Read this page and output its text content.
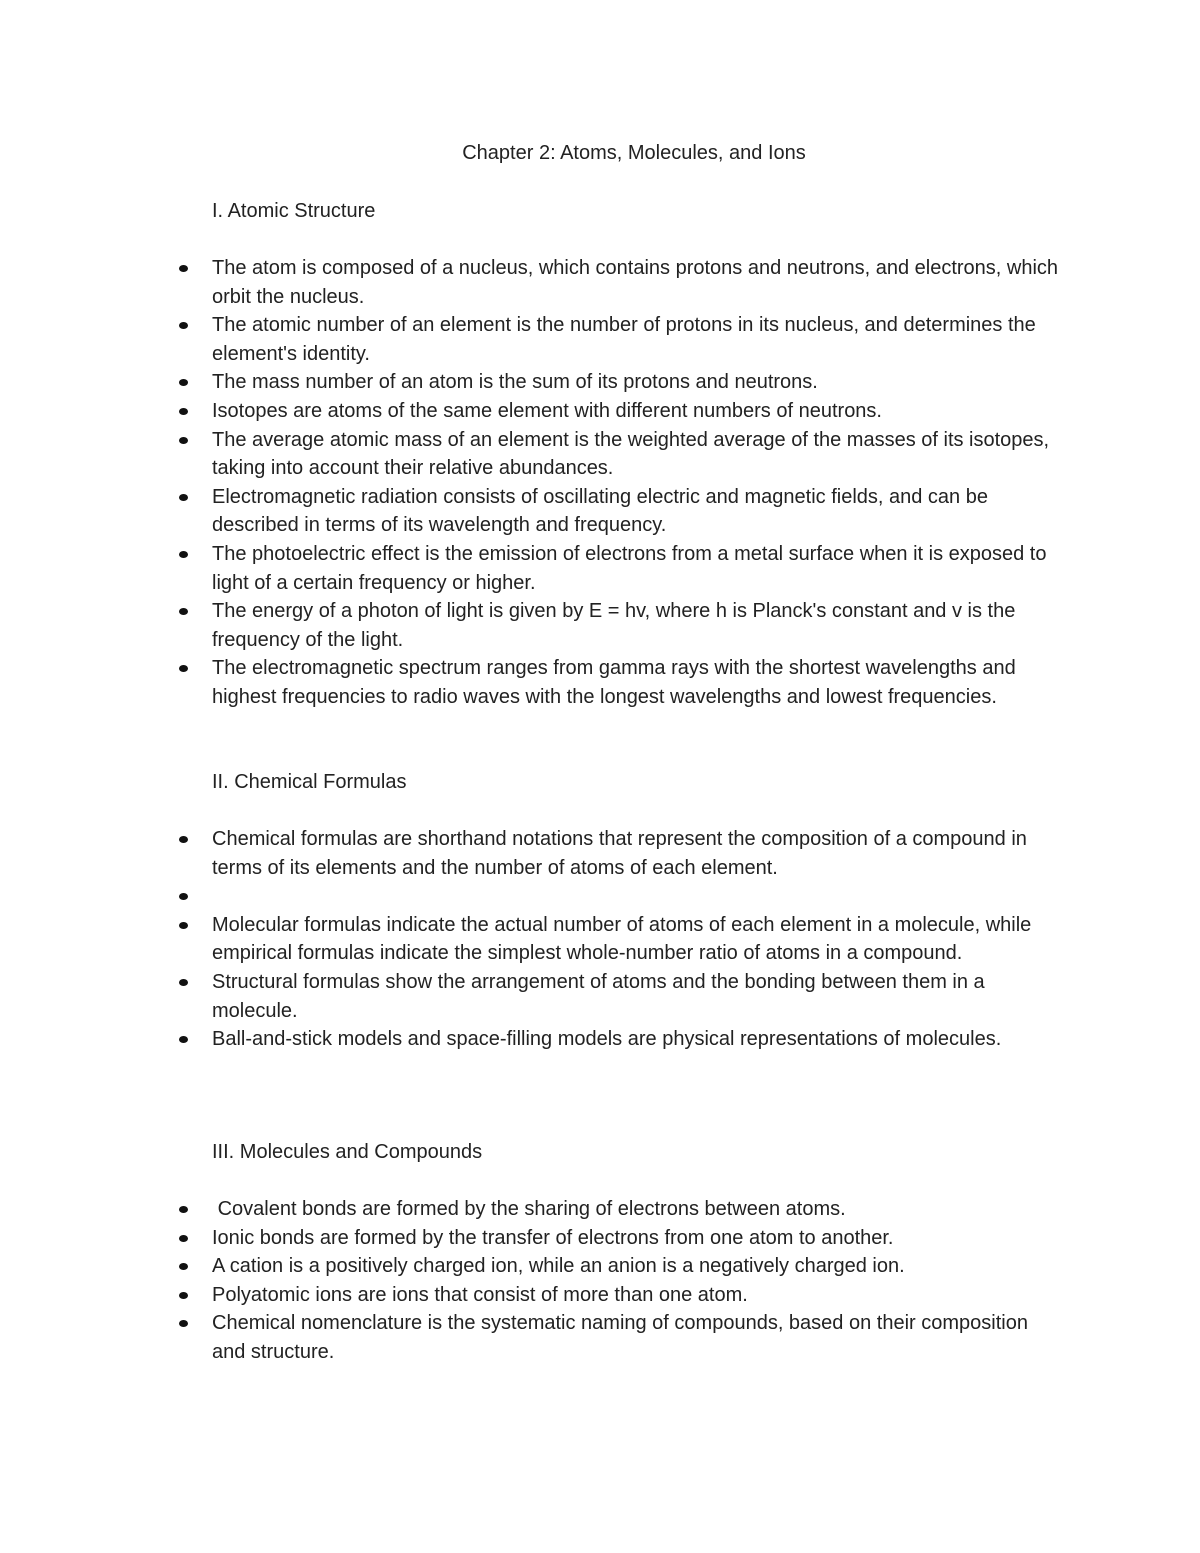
Chapter 2: Atoms, Molecules, and Ions

I. Atomic Structure

The atom is composed of a nucleus, which contains protons and neutrons, and electrons, which orbit the nucleus.
The atomic number of an element is the number of protons in its nucleus, and determines the element's identity.
The mass number of an atom is the sum of its protons and neutrons.
Isotopes are atoms of the same element with different numbers of neutrons.
The average atomic mass of an element is the weighted average of the masses of its isotopes, taking into account their relative abundances.
Electromagnetic radiation consists of oscillating electric and magnetic fields, and can be described in terms of its wavelength and frequency.
The photoelectric effect is the emission of electrons from a metal surface when it is exposed to light of a certain frequency or higher.
The energy of a photon of light is given by E = hv, where h is Planck's constant and v is the frequency of the light.
The electromagnetic spectrum ranges from gamma rays with the shortest wavelengths and highest frequencies to radio waves with the longest wavelengths and lowest frequencies.

II. Chemical Formulas

Chemical formulas are shorthand notations that represent the composition of a compound in terms of its elements and the number of atoms of each element.
Molecular formulas indicate the actual number of atoms of each element in a molecule, while empirical formulas indicate the simplest whole-number ratio of atoms in a compound.
Structural formulas show the arrangement of atoms and the bonding between them in a molecule.
Ball-and-stick models and space-filling models are physical representations of molecules.

III. Molecules and Compounds

Covalent bonds are formed by the sharing of electrons between atoms.
Ionic bonds are formed by the transfer of electrons from one atom to another.
A cation is a positively charged ion, while an anion is a negatively charged ion.
Polyatomic ions are ions that consist of more than one atom.
Chemical nomenclature is the systematic naming of compounds, based on their composition and structure.
